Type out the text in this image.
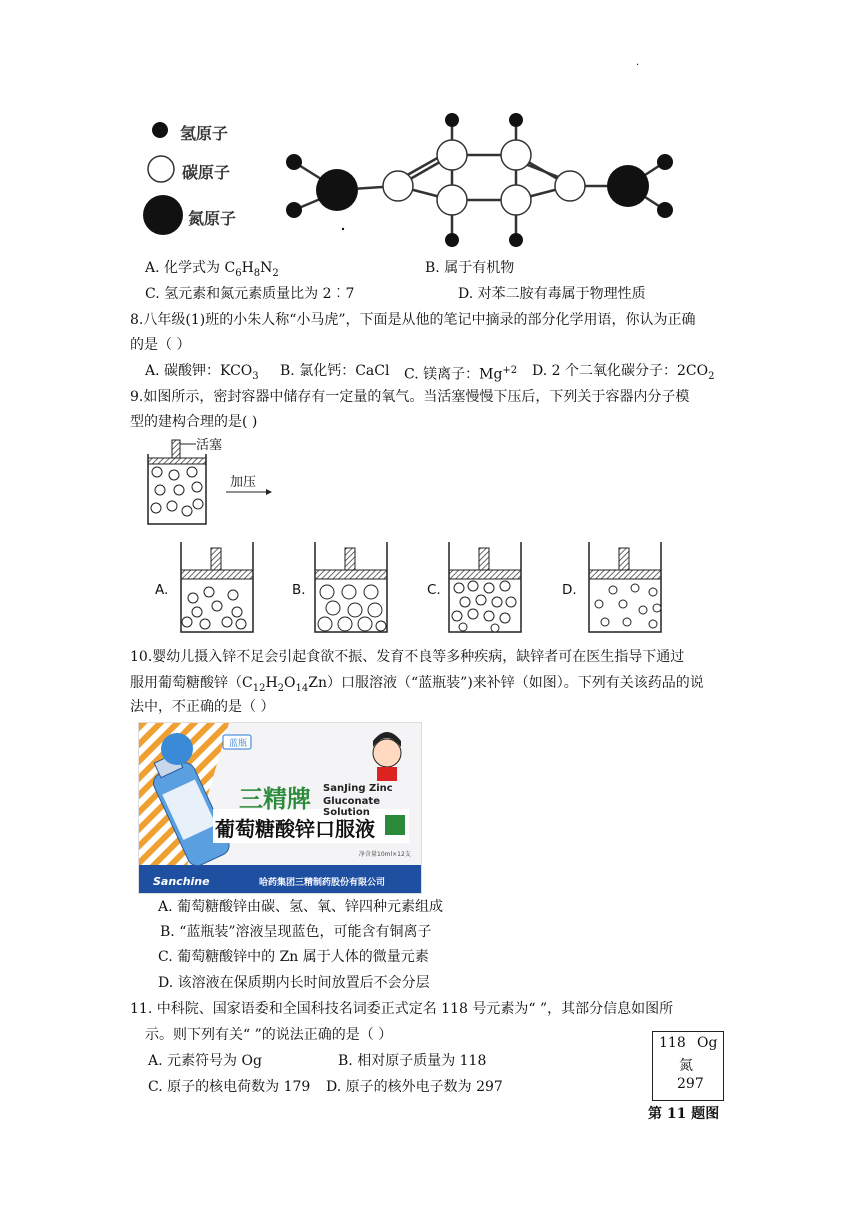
·
氢原子
碳原子
氮原子
A. 化学式为 $C_6H_8N_2$	B. 属于有机物
C. 氢元素和氮元素质量比为 2︰7	D. 对苯二胺有毒属于物理性质
8.八年级(1)班的小朱人称“小马虎”，下面是从他的笔记中摘录的部分化学用语，你认为正确
的是（ ）
A. 碳酸钾：$KCO_3$ B. 氯化钙：CaCl C. 镁离子：$Mg^{+2}$ D. 2 个二氧化碳分子：$2CO_2$
9.如图所示，密封容器中储存有一定量的氧气。当活塞慢慢下压后，下列关于容器内分子模
型的建构合理的是( )
活塞
加压
A.	B.	C.	D.
10.婴幼儿摄入锌不足会引起食欲不振、发育不良等多种疾病，缺锌者可在医生指导下通过
服用葡萄糖酸锌$(C_{12}H_2O_{14}Zn)$口服溶液（“蓝瓶装”)来补锌（如图）。下列有关该药品的说
法中，不正确的是（ ）
蓝瓶
三精牌 SanJing Zinc
Gluconate Solution
葡萄糖酸锌口服液
净含量10ml×12支
Sanchine	哈药集团三精制药股份有限公司
A. 葡萄糖酸锌由碳、氢、氧、锌四种元素组成
B. “蓝瓶装”溶液呈现蓝色，可能含有铜离子
C. 葡萄糖酸锌中的 Zn 属于人体的微量元素
D. 该溶液在保质期内长时间放置后不会分层
11. 中科院、国家语委和全国科技名词委正式定名 118 号元素为“ ”，其部分信息如图所
示。则下列有关“ ”的说法正确的是（ ）
A. 元素符号为 Og	B. 相对原子质量为 118
C. 原子的核电荷数为 179 D. 原子的核外电子数为 297
118 Og
氮
297
第 11 题图
